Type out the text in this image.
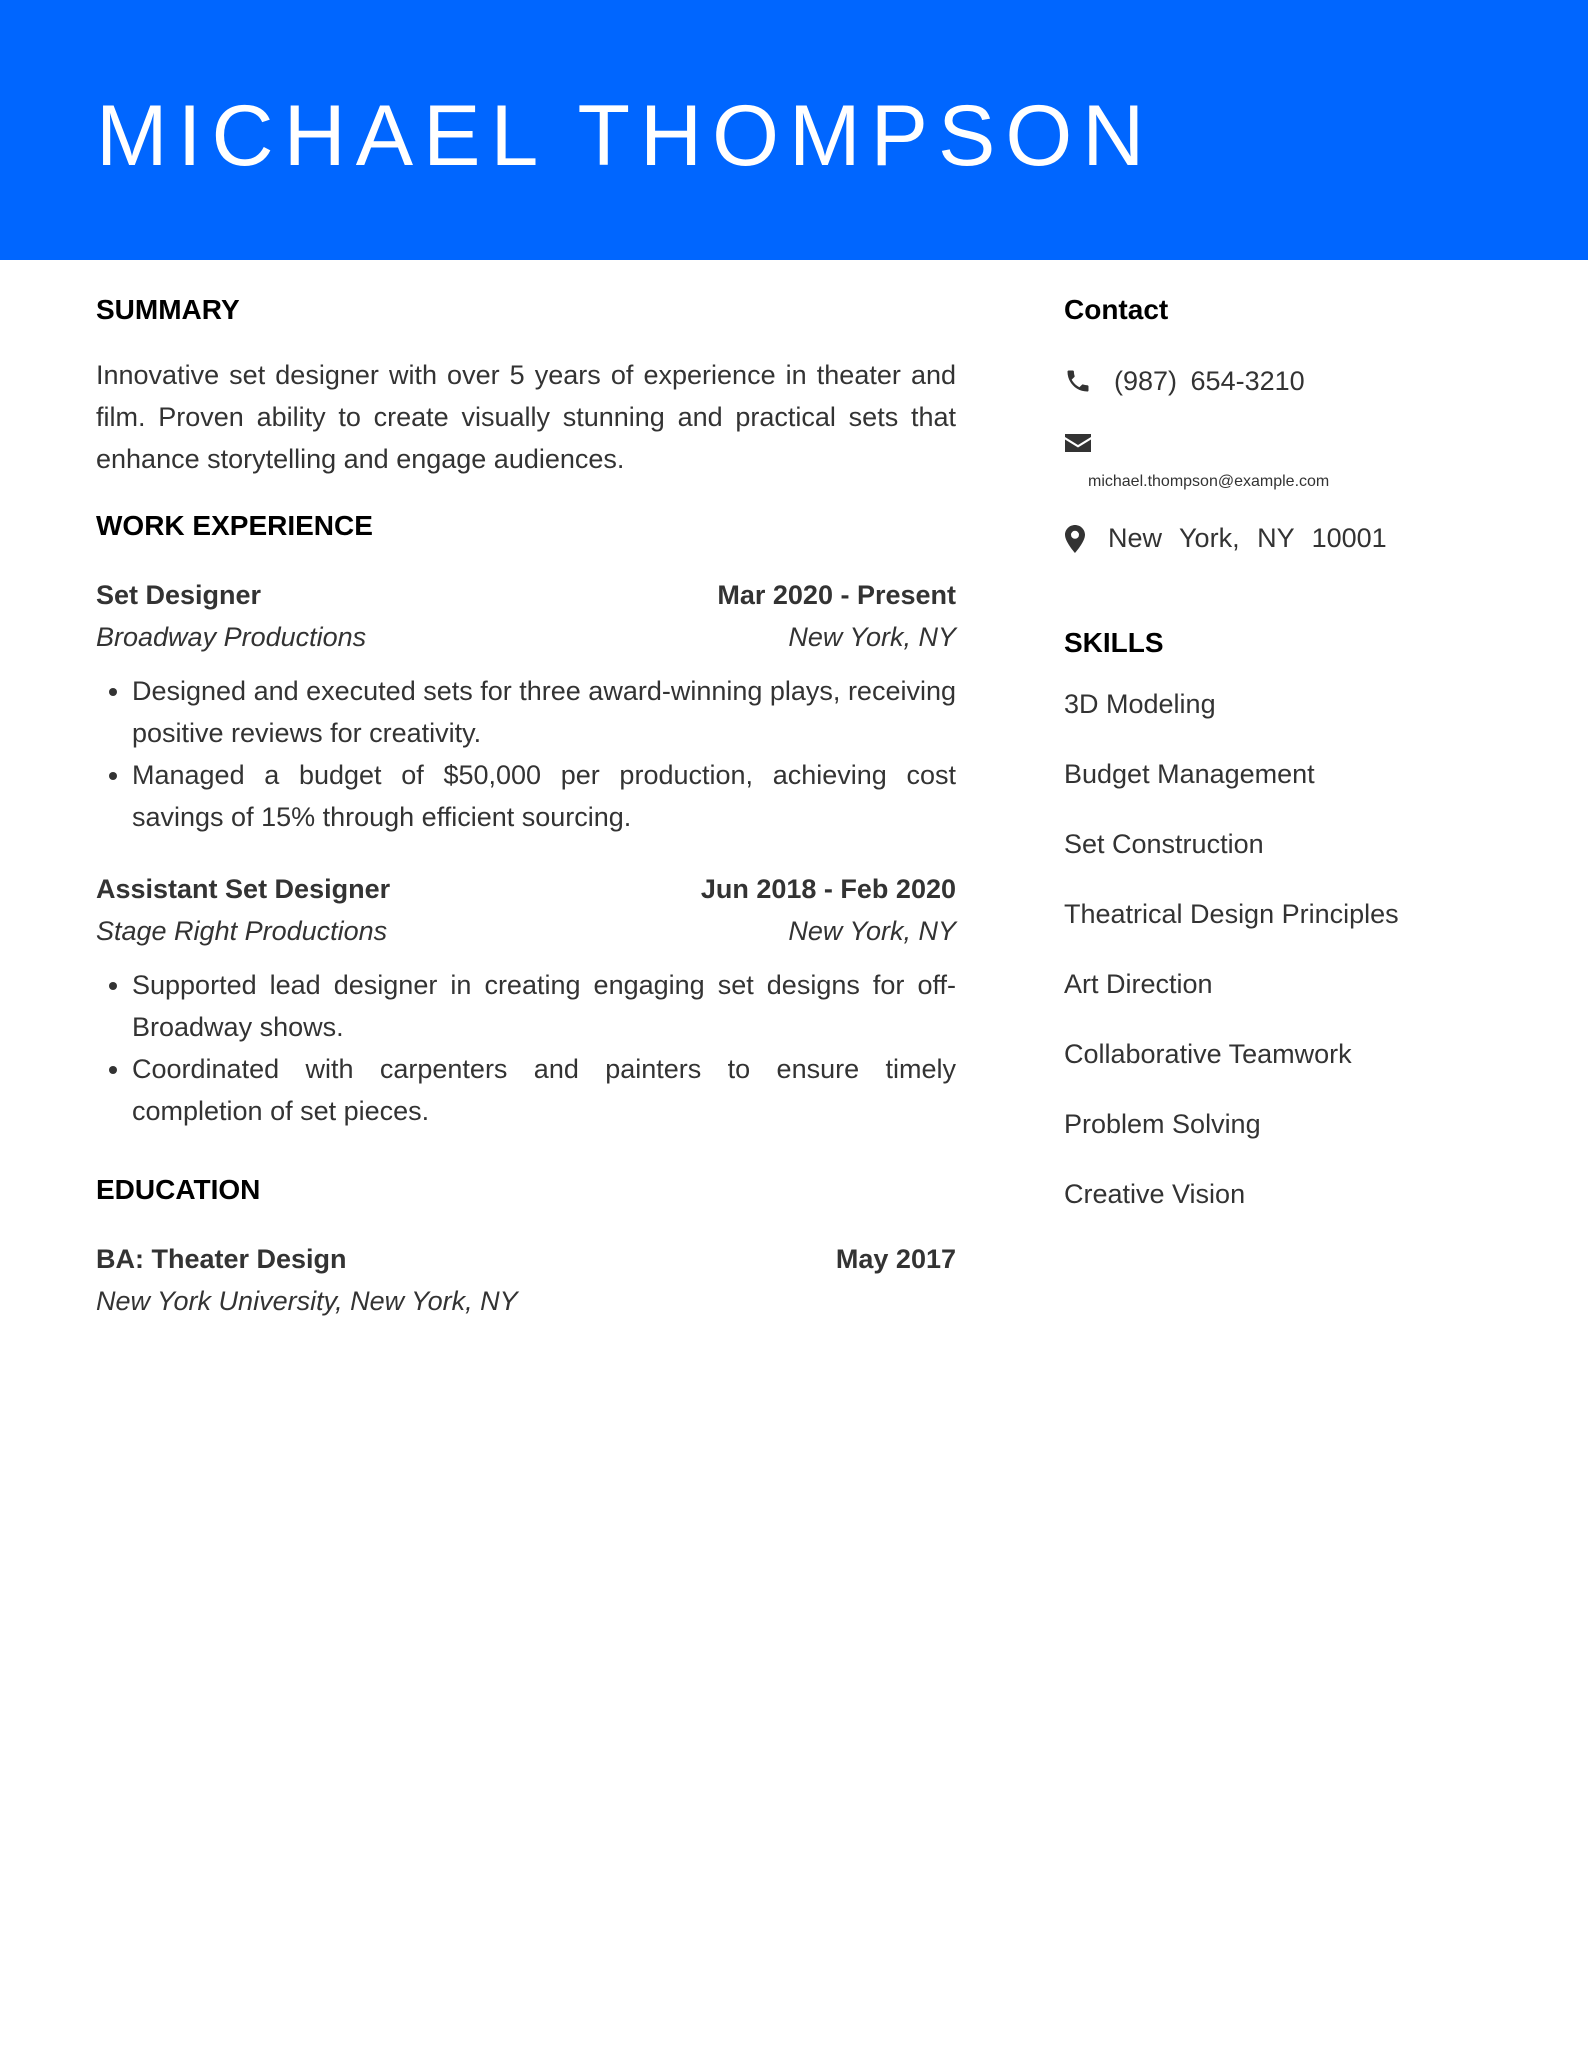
MICHAEL THOMPSON
SUMMARY

Innovative set designer with over 5 years of experience in theater and film. Proven ability to create visually stunning and practical sets that enhance storytelling and engage audiences.

WORK EXPERIENCE
Set Designer	Mar 2020 - Present
Broadway Productions	New York, NY
• Designed and executed sets for three award-winning plays, receiving positive reviews for creativity.
• Managed a budget of $50,000 per production, achieving cost savings of 15% through efficient sourcing.
Assistant Set Designer	Jun 2018 - Feb 2020
Stage Right Productions	New York, NY
• Supported lead designer in creating engaging set designs for off-Broadway shows.
• Coordinated with carpenters and painters to ensure timely completion of set pieces.
EDUCATION
BA: Theater Design	May 2017
New York University, New York, NY
Contact
(987) 654-3210
michael.thompson@example.com
New York, NY 10001
SKILLS
3D Modeling
Budget Management
Set Construction
Theatrical Design Principles
Art Direction
Collaborative Teamwork
Problem Solving
Creative Vision
